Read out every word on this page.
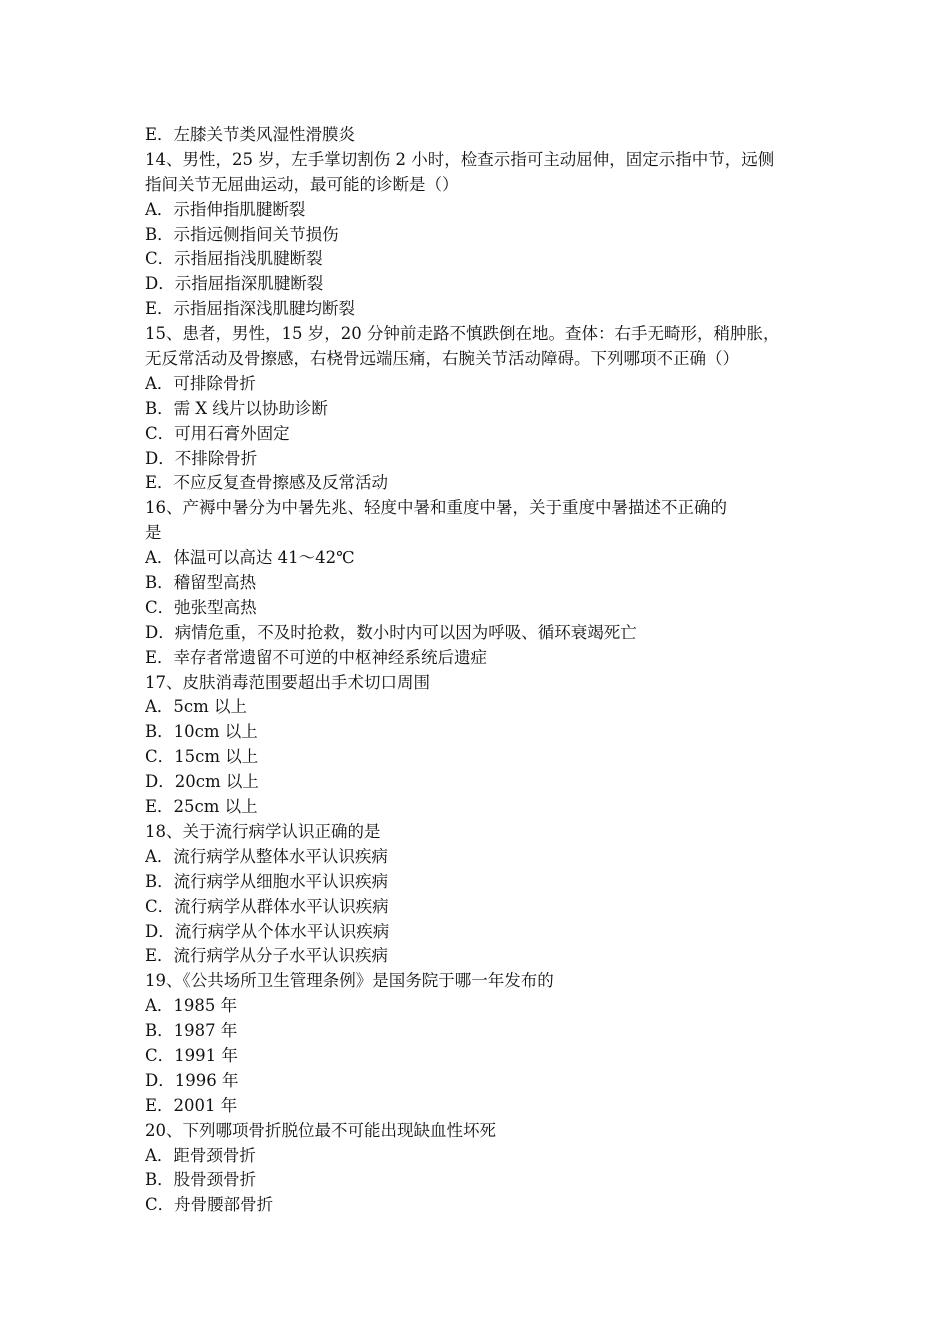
E．左膝关节类风湿性滑膜炎
14、男性，25 岁，左手掌切割伤 2 小时，检查示指可主动屈伸，固定示指中节，远侧
指间关节无屈曲运动，最可能的诊断是（）
A．示指伸指肌腱断裂
B．示指远侧指间关节损伤
C．示指屈指浅肌腱断裂
D．示指屈指深肌腱断裂
E．示指屈指深浅肌腱均断裂
15、患者，男性，15 岁，20 分钟前走路不慎跌倒在地。查体：右手无畸形，稍肿胀，
无反常活动及骨擦感，右桡骨远端压痛，右腕关节活动障碍。下列哪项不正确（）
A．可排除骨折
B．需 X 线片以协助诊断
C．可用石膏外固定
D．不排除骨折
E．不应反复查骨擦感及反常活动
16、产褥中暑分为中暑先兆、轻度中暑和重度中暑，关于重度中暑描述不正确的
是
A．体温可以高达 41～42℃
B．稽留型高热
C．弛张型高热
D．病情危重，不及时抢救，数小时内可以因为呼吸、循环衰竭死亡
E．幸存者常遗留不可逆的中枢神经系统后遗症
17、皮肤消毒范围要超出手术切口周围
A．5cm 以上
B．10cm 以上
C．15cm 以上
D．20cm 以上
E．25cm 以上
18、关于流行病学认识正确的是
A．流行病学从整体水平认识疾病
B．流行病学从细胞水平认识疾病
C．流行病学从群体水平认识疾病
D．流行病学从个体水平认识疾病
E．流行病学从分子水平认识疾病
19、《公共场所卫生管理条例》是国务院于哪一年发布的
A．1985 年
B．1987 年
C．1991 年
D．1996 年
E．2001 年
20、下列哪项骨折脱位最不可能出现缺血性坏死
A．距骨颈骨折
B．股骨颈骨折
C．舟骨腰部骨折
